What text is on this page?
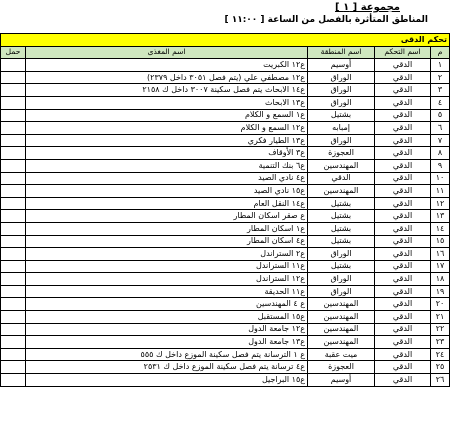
مجموعة [ ١ ]
المناطق المتأثرة بالفصل من الساعة [ ١١:٠٠ ]
تحكم الدقى				
م	اسم التحكم	اسم المنطقة	اسم المغذى	حمل
١	الدقي	أوسيم	ع١٢ الكبريت	
٢	الدقي	الوراق	ع١٢ مصطفي علي (يتم فصل ٣٠٥١ داخل ٢٣٧٩)	
٣	الدقي	الوراق	ع١٤ الابحاث يتم فصل سكينة ٣٠٠٧ داخل ك ٢١٥٨	
٤	الدقي	الوراق	ع١٣ الابحاث	
٥	الدقي	بشتيل	ع١ السمع و الكلام	
٦	الدقي	إمبابه	ع١٢ السمع و الكلام	
٧	الدقي	الوراق	ع١٣ الطيار فكري	
٨	الدقي	العجوزة	ع٣ الأوقاف	
٩	الدقي	المهندسين	ع٦ بنك التنمية	
١٠	الدقي	الدقي	ع٤ نادي الصيد	
١١	الدقي	المهندسين	ع١٥ نادي الصيد	
١٢	الدقي	بشتيل	ع١٤ النقل العام	
١٣	الدقي	بشتيل	ع صقر اسكان المطار	
١٤	الدقي	بشتيل	ع١ اسكان المطار	
١٥	الدقي	بشتيل	ع٤ اسكان المطار	
١٦	الدقي	الوراق	ع٢ الستراندل	
١٧	الدقي	بشتيل	ع١١ الستراندل	
١٨	الدقي	الوراق	ع١٢ الستراندل	
١٩	الدقي	الوراق	ع١١ الحديقة	
٢٠	الدقي	المهندسين	ع ٤ المهندسين	
٢١	الدقي	المهندسين	ع١٥ المستقبل	
٢٢	الدقي	المهندسين	ع١٢ جامعة الدول	
٢٣	الدقي	المهندسين	ع١٣ جامعة الدول	
٢٤	الدقي	ميت عقبة	ع ١ الترسانة يتم فصل سكينة الموزع داخل ك ٥٥٥	
٢٥	الدقي	العجوزة	ع٤ ترسانة يتم فصل سكينة الموزع داخل ك ٢٥٣١	
٢٦	الدقي	أوسيم	ع١٥ البراجيل	
